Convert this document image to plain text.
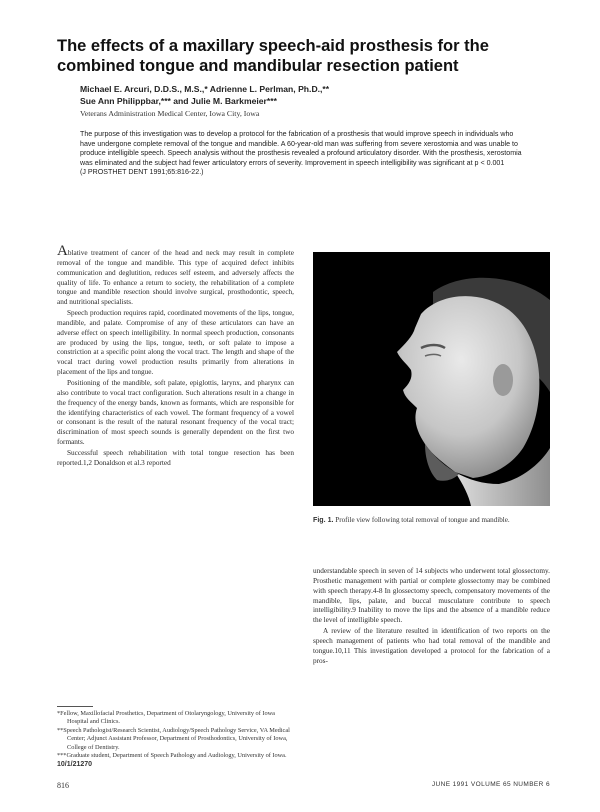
The effects of a maxillary speech-aid prosthesis for the combined tongue and mandibular resection patient
Michael E. Arcuri, D.D.S., M.S.,* Adrienne L. Perlman, Ph.D.,**
Sue Ann Philippbar,*** and Julie M. Barkmeier***
Veterans Administration Medical Center, Iowa City, Iowa
The purpose of this investigation was to develop a protocol for the fabrication of a prosthesis that would improve speech in individuals who have undergone complete removal of the tongue and mandible. A 60-year-old man was suffering from severe xerostomia and was unable to produce intelligible speech. Speech analysis without the prosthesis revealed a profound articulatory disorder. With the prosthesis, xerostomia was eliminated and the subject had fewer articulatory errors of severity. Improvement in speech intelligibility was significant at p < 0.001
(J PROSTHET DENT 1991;65:816-22.)

Ablative treatment of cancer of the head and neck may result in complete removal of the tongue and mandible. This type of acquired defect inhibits communication and deglutition, reduces self esteem, and adversely affects the quality of life. To enhance a return to society, the rehabilitation of a complete tongue and mandible resection should involve surgical, prosthodontic, speech, and nutritional specialists.

Speech production requires rapid, coordinated movements of the lips, tongue, mandible, and palate. Compromise of any of these articulators can have an adverse effect on speech intelligibility. In normal speech production, consonants are produced by using the lips, tongue, teeth, or soft palate to impose a constriction at a specific point along the vocal tract. The length and shape of the vocal tract during vowel production results primarily from alterations in placement of the lips and tongue.

Positioning of the mandible, soft palate, epiglottis, larynx, and pharynx can also contribute to vocal tract configuration. Such alterations result in a change in the frequency of the energy bands, known as formants, which are responsible for the identifying characteristics of each vowel. The formant frequency of a vowel or consonant is the result of the natural resonant frequency of the vocal tract; discrimination of most speech sounds is generally dependent on the first two formants.

Successful speech rehabilitation with total tongue resection has been reported.1,2 Donaldson et al.3 reported

Fig. 1. Profile view following total removal of tongue and mandible.

understandable speech in seven of 14 subjects who underwent total glossectomy. Prosthetic management with partial or complete glossectomy may be combined with speech therapy.4-8 In glossectomy speech, compensatory movements of the mandible, lips, palate, and buccal musculature contribute to speech intelligibility.9 Inability to move the lips and the absence of a mandible reduce the level of intelligible speech.

A review of the literature resulted in identification of two reports on the speech management of patients who had total removal of the mandible and tongue.10,11 This investigation developed a protocol for the fabrication of a pros-

*Fellow, Maxillofacial Prosthetics, Department of Otolaryngology, University of Iowa Hospital and Clinics.

**Speech Pathologist/Research Scientist, Audiology/Speech Pathology Service, VA Medical Center; Adjunct Assistant Professor, Department of Prosthodontics, University of Iowa, College of Dentistry.

***Graduate student, Department of Speech Pathology and Audiology, University of Iowa.

10/1/21270

816	JUNE 1991 VOLUME 65 NUMBER 6
